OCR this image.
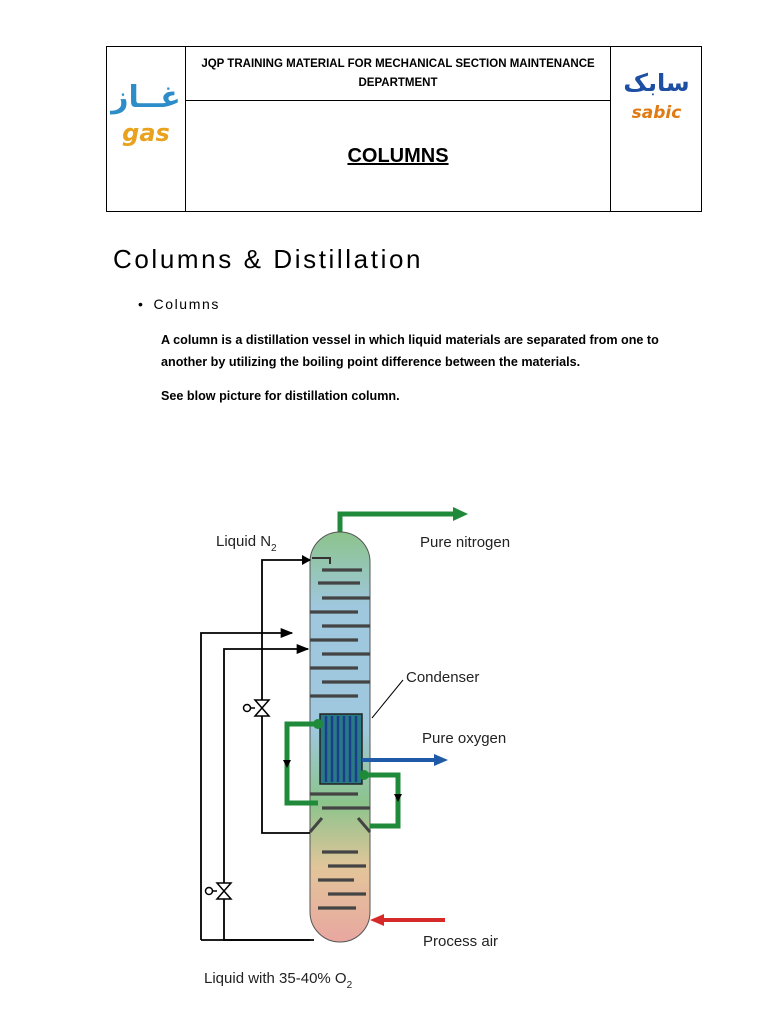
غــاز
gas
JQP TRAINING MATERIAL FOR MECHANICAL SECTION MAINTENANCE DEPARTMENT
COLUMNS
سابک
sabic
Columns & Distillation
• Columns
A column is a distillation vessel in which liquid materials are separated from one to another by utilizing the boiling point difference between the materials.
See blow picture for distillation column.
Liquid $N_2$	Pure nitrogen
Condenser
Pure oxygen
Process air
Liquid with 35-40% $O_2$
